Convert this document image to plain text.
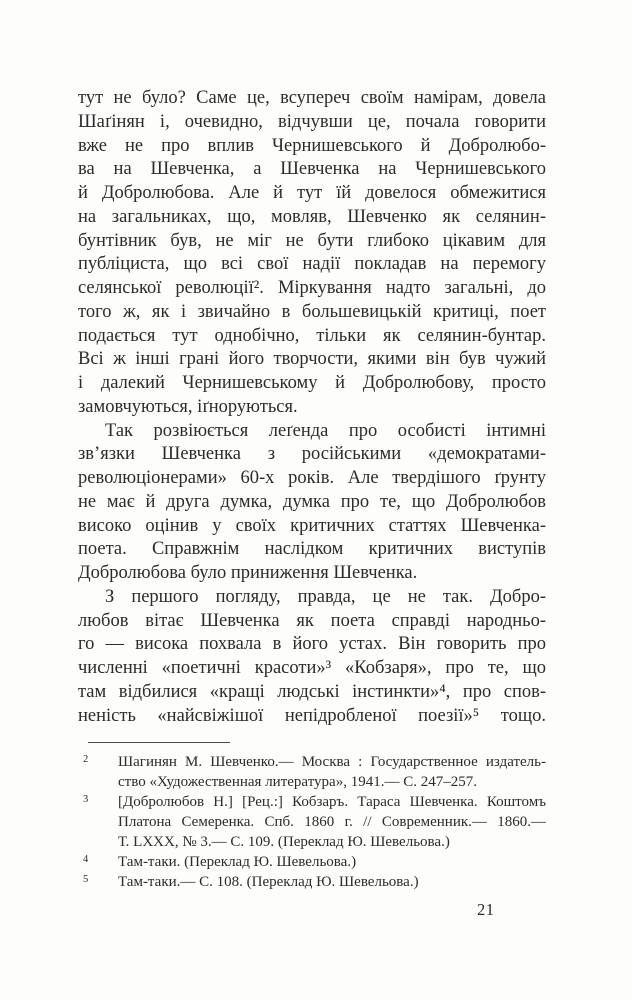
тут не було? Саме це, всупереч своїм намірам, довела
Шаґінян і, очевидно, відчувши це, почала говорити
вже не про вплив Чернишевського й Добролюбо-
ва на Шевченка, а Шевченка на Чернишевського
й Добролюбова. Але й тут їй довелося обмежитися
на загальниках, що, мовляв, Шевченко як селянин-
бунтівник був, не міг не бути глибоко цікавим для
публіциста, що всі свої надії покладав на перемогу
селянської революції². Міркування надто загальні, до
того ж, як і звичайно в большевицькій критиці, поет
подається тут однобічно, тільки як селянин-бунтар.
Всі ж інші грані його творчости, якими він був чужий
і далекий Чернишевському й Добролюбову, просто
замовчуються, іґноруються.
Так розвіюється леґенда про особисті інтимні
зв’язки Шевченка з російськими «демократами-
революціонерами» 60-х років. Але твердішого ґрунту
не має й друга думка, думка про те, що Добролюбов
високо оцінив у своїх критичних статтях Шевченка-
поета. Справжнім наслідком критичних виступів
Добролюбова було приниження Шевченка.
З першого погляду, правда, це не так. Добро-
любов вітає Шевченка як поета справді народньо-
го — висока похвала в його устах. Він говорить про
численні «поетичні красоти»³ «Кобзаря», про те, що
там відбилися «кращі людські інстинкти»⁴, про спов-
неність «найсвіжішої непідробленої поезії»⁵ тощо.
2 Шагинян М. Шевченко.— Москва : Государственное издатель-
ство «Художественная литература», 1941.— С. 247–257.
3 [Добролюбов Н.] [Рец.:] Кобзаръ. Тараса Шевченка. Коштомъ
Платона Семеренка. Спб. 1860 г. // Современник.— 1860.—
Т. LXXX, № 3.— С. 109. (Переклад Ю. Шевельова.)
4 Там-таки. (Переклад Ю. Шевельова.)
5 Там-таки.— С. 108. (Переклад Ю. Шевельова.)
21
